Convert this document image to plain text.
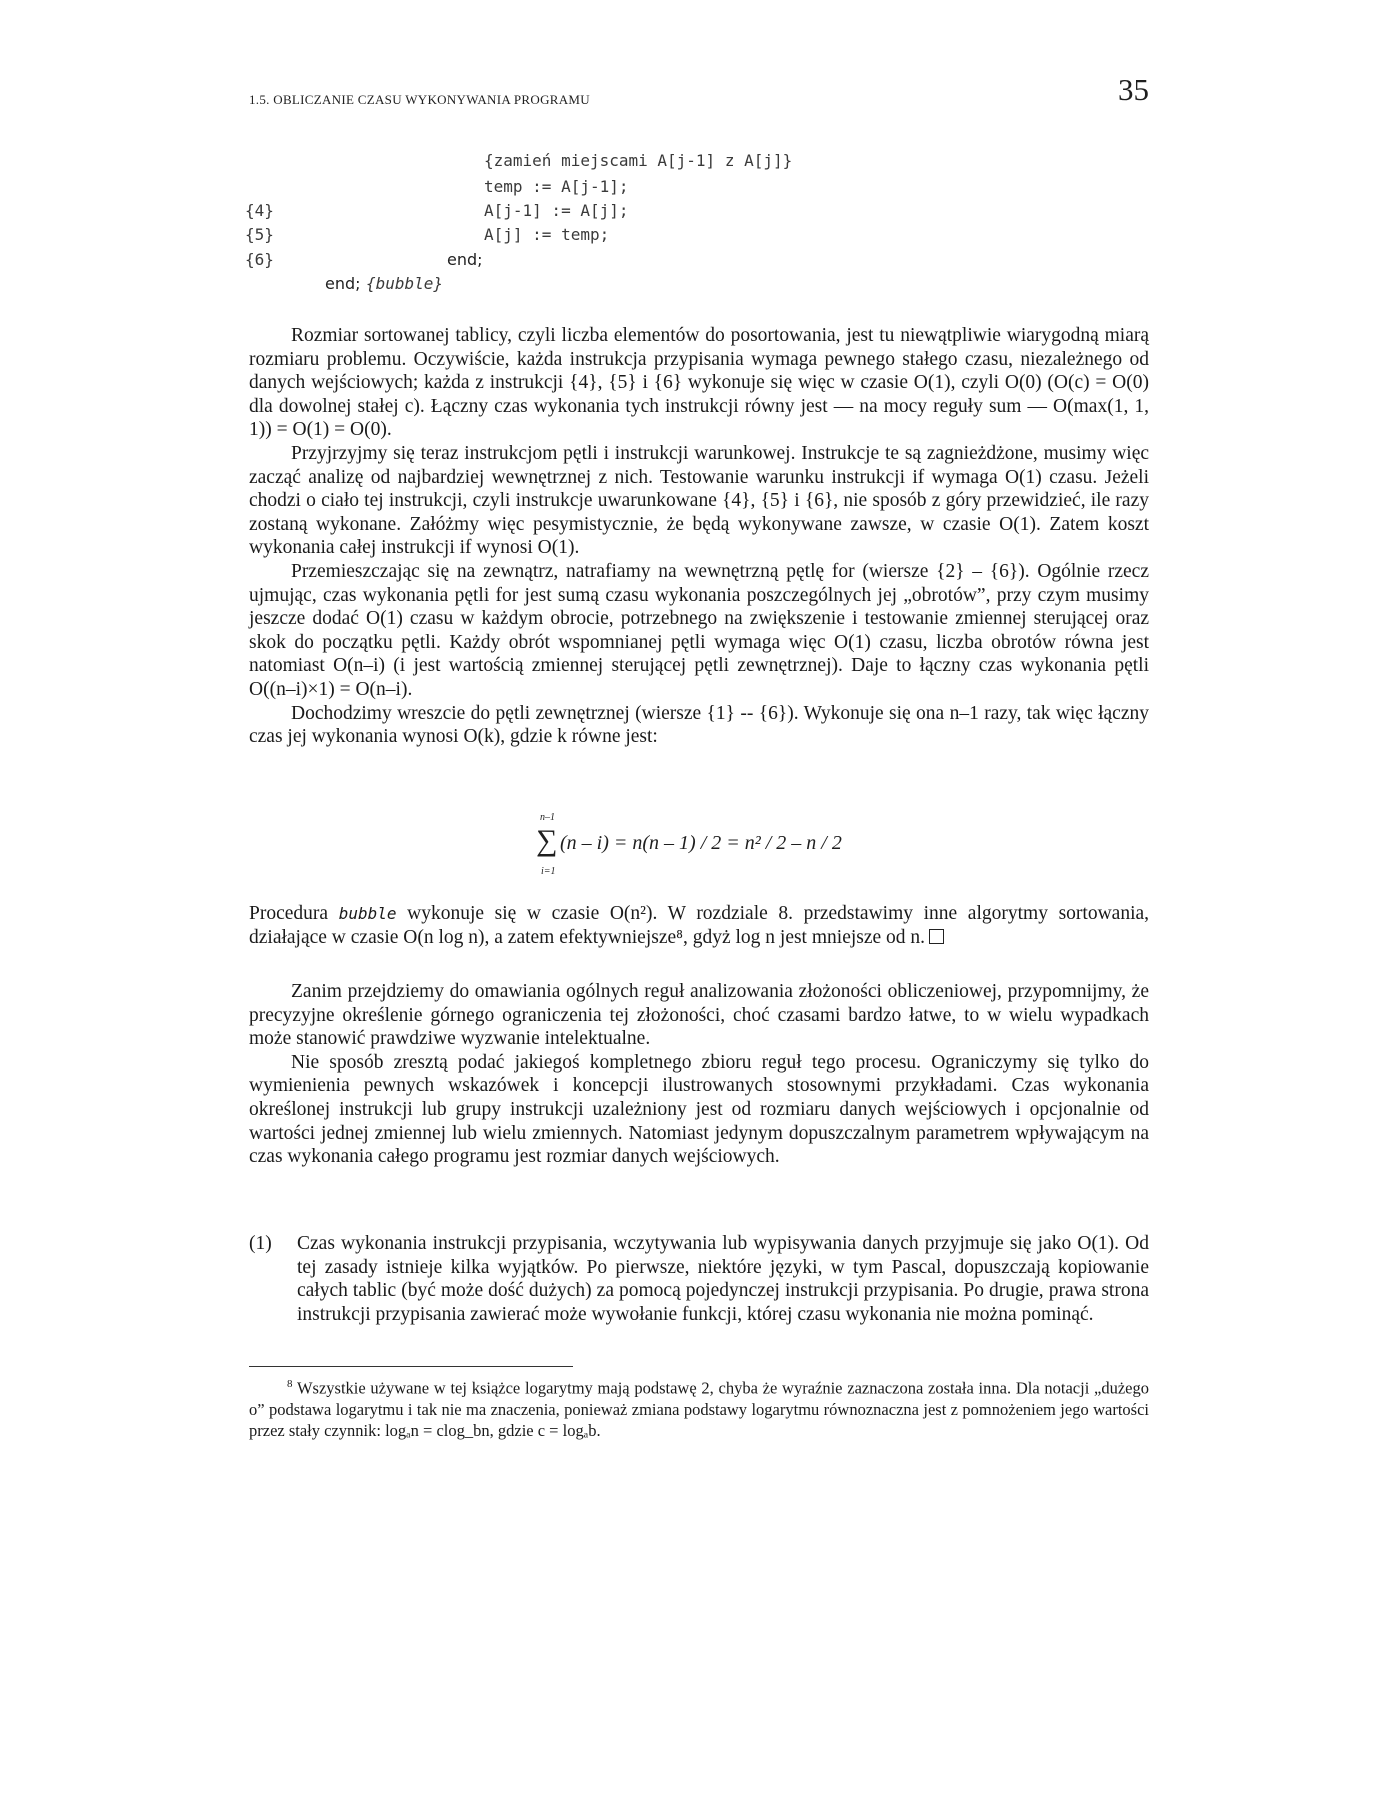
1.5. OBLICZANIE CZASU WYKONYWANIA PROGRAMU	35
{zamień miejscami A[j-1] z A[j]}
temp := A[j-1];
{4}	A[j-1] := A[j];
{5}	A[j] := temp;
{6}	end;
end; {bubble}

Rozmiar sortowanej tablicy, czyli liczba elementów do posortowania, jest tu niewątpliwie wiarygodną miarą rozmiaru problemu. Oczywiście, każda instrukcja przypisania wymaga pewnego stałego czasu, niezależnego od danych wejściowych; każda z instrukcji {4}, {5} i {6} wykonuje się więc w czasie O(1), czyli O(0) (O(c) = O(0) dla dowolnej stałej c). Łączny czas wykonania tych instrukcji równy jest — na mocy reguły sum — O(max(1, 1, 1)) = O(1) = O(0).

Przyjrzyjmy się teraz instrukcjom pętli i instrukcji warunkowej. Instrukcje te są zagnieżdżone, musimy więc zacząć analizę od najbardziej wewnętrznej z nich. Testowanie warunku instrukcji if wymaga O(1) czasu. Jeżeli chodzi o ciało tej instrukcji, czyli instrukcje uwarunkowane {4}, {5} i {6}, nie sposób z góry przewidzieć, ile razy zostaną wykonane. Załóżmy więc pesymistycznie, że będą wykonywane zawsze, w czasie O(1). Zatem koszt wykonania całej instrukcji if wynosi O(1).

Przemieszczając się na zewnątrz, natrafiamy na wewnętrzną pętlę for (wiersze {2} – {6}). Ogólnie rzecz ujmując, czas wykonania pętli for jest sumą czasu wykonania poszczególnych jej „obrotów”, przy czym musimy jeszcze dodać O(1) czasu w każdym obrocie, potrzebnego na zwiększenie i testowanie zmiennej sterującej oraz skok do początku pętli. Każdy obrót wspomnianej pętli wymaga więc O(1) czasu, liczba obrotów równa jest natomiast O(n–i) (i jest wartością zmiennej sterującej pętli zewnętrznej). Daje to łączny czas wykonania pętli O((n–i)×1) = O(n–i).

Dochodzimy wreszcie do pętli zewnętrznej (wiersze {1} -- {6}). Wykonuje się ona n–1 razy, tak więc łączny czas jej wykonania wynosi O(k), gdzie k równe jest:

n–1
∑
i=1
(n – i) = n(n – 1) / 2 = n² / 2 – n / 2

Procedura bubble wykonuje się w czasie O(n²). W rozdziale 8. przedstawimy inne algorytmy sortowania, działające w czasie O(n log n), a zatem efektywniejsze⁸, gdyż log n jest mniejsze od n.

Zanim przejdziemy do omawiania ogólnych reguł analizowania złożoności obliczeniowej, przypomnijmy, że precyzyjne określenie górnego ograniczenia tej złożoności, choć czasami bardzo łatwe, to w wielu wypadkach może stanowić prawdziwe wyzwanie intelektualne.

Nie sposób zresztą podać jakiegoś kompletnego zbioru reguł tego procesu. Ograniczymy się tylko do wymienienia pewnych wskazówek i koncepcji ilustrowanych stosownymi przykładami. Czas wykonania określonej instrukcji lub grupy instrukcji uzależniony jest od rozmiaru danych wejściowych i opcjonalnie od wartości jednej zmiennej lub wielu zmiennych. Natomiast jedynym dopuszczalnym parametrem wpływającym na czas wykonania całego programu jest rozmiar danych wejściowych.

(1) Czas wykonania instrukcji przypisania, wczytywania lub wypisywania danych przyjmuje się jako O(1). Od tej zasady istnieje kilka wyjątków. Po pierwsze, niektóre języki, w tym Pascal, dopuszczają kopiowanie całych tablic (być może dość dużych) za pomocą pojedynczej instrukcji przypisania. Po drugie, prawa strona instrukcji przypisania zawierać może wywołanie funkcji, której czasu wykonania nie można pominąć.
$^8$ Wszystkie używane w tej książce logarytmy mają podstawę 2, chyba że wyraźnie zaznaczona została inna. Dla notacji „dużego o” podstawa logarytmu i tak nie ma znaczenia, ponieważ zmiana podstawy logarytmu równoznaczna jest z pomnożeniem jego wartości przez stały czynnik: logₐn = clog_bn, gdzie c = logₐb.
